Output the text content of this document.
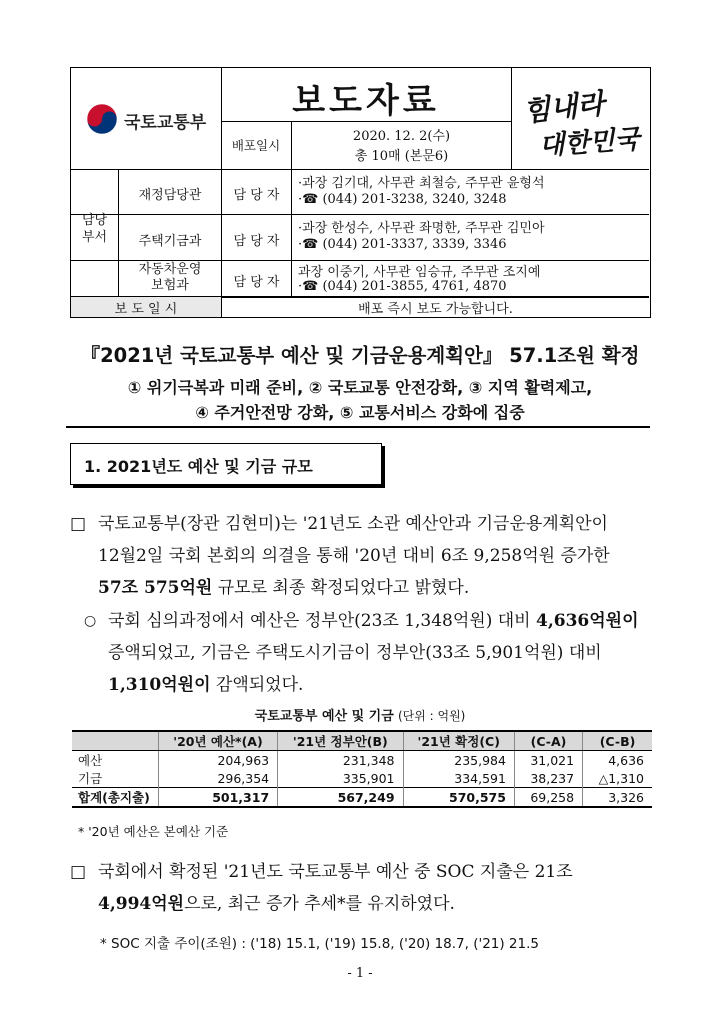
국토교통부
보도자료
배포일시
2020. 12. 2(수)
총 10매 (본문6)
힘내라
대한민국
담당
부서
재정담당관	담 당 자
·과장 김기대, 사무관 최철승, 주무관 윤형석
·☎ (044) 201-3238, 3240, 3248
주택기금과	담 당 자
·과장 한성수, 사무관 좌명한, 주무관 김민아
·☎ (044) 201-3337, 3339, 3346
자동차운영
보험과	담 당 자
과장 이중기, 사무관 임승규, 주무관 조지예
·☎ (044) 201-3855, 4761, 4870
보 도 일 시	배포 즉시 보도 가능합니다.
『2021년 국토교통부 예산 및 기금운용계획안』 57.1조원 확정
① 위기극복과 미래 준비, ② 국토교통 안전강화, ③ 지역 활력제고,
④ 주거안전망 강화, ⑤ 교통서비스 강화에 집중
1. 2021년도 예산 및 기금 규모
□ 국토교통부(장관 김현미)는 '21년도 소관 예산안과 기금운용계획안이
12월2일 국회 본회의 의결을 통해 '20년 대비 6조 9,258억원 증가한
57조 575억원 규모로 최종 확정되었다고 밝혔다.
○ 국회 심의과정에서 예산은 정부안(23조 1,348억원) 대비 4,636억원이
증액되었고, 기금은 주택도시기금이 정부안(33조 5,901억원) 대비
1,310억원이 감액되었다.
국토교통부 예산 및 기금 (단위 : 억원)
	'20년 예산*(A)	'21년 정부안(B)	'21년 확정(C)	(C-A)	(C-B)
예산	204,963	231,348	235,984	31,021	4,636
기금	296,354	335,901	334,591	38,237	△1,310
합계(총지출)	501,317	567,249	570,575	69,258	3,326
* '20년 예산은 본예산 기준
□ 국회에서 확정된 '21년도 국토교통부 예산 중 SOC 지출은 21조
4,994억원으로, 최근 증가 추세*를 유지하였다.
* SOC 지출 주이(조원) : ('18) 15.1, ('19) 15.8, ('20) 18.7, ('21) 21.5
- 1 -
